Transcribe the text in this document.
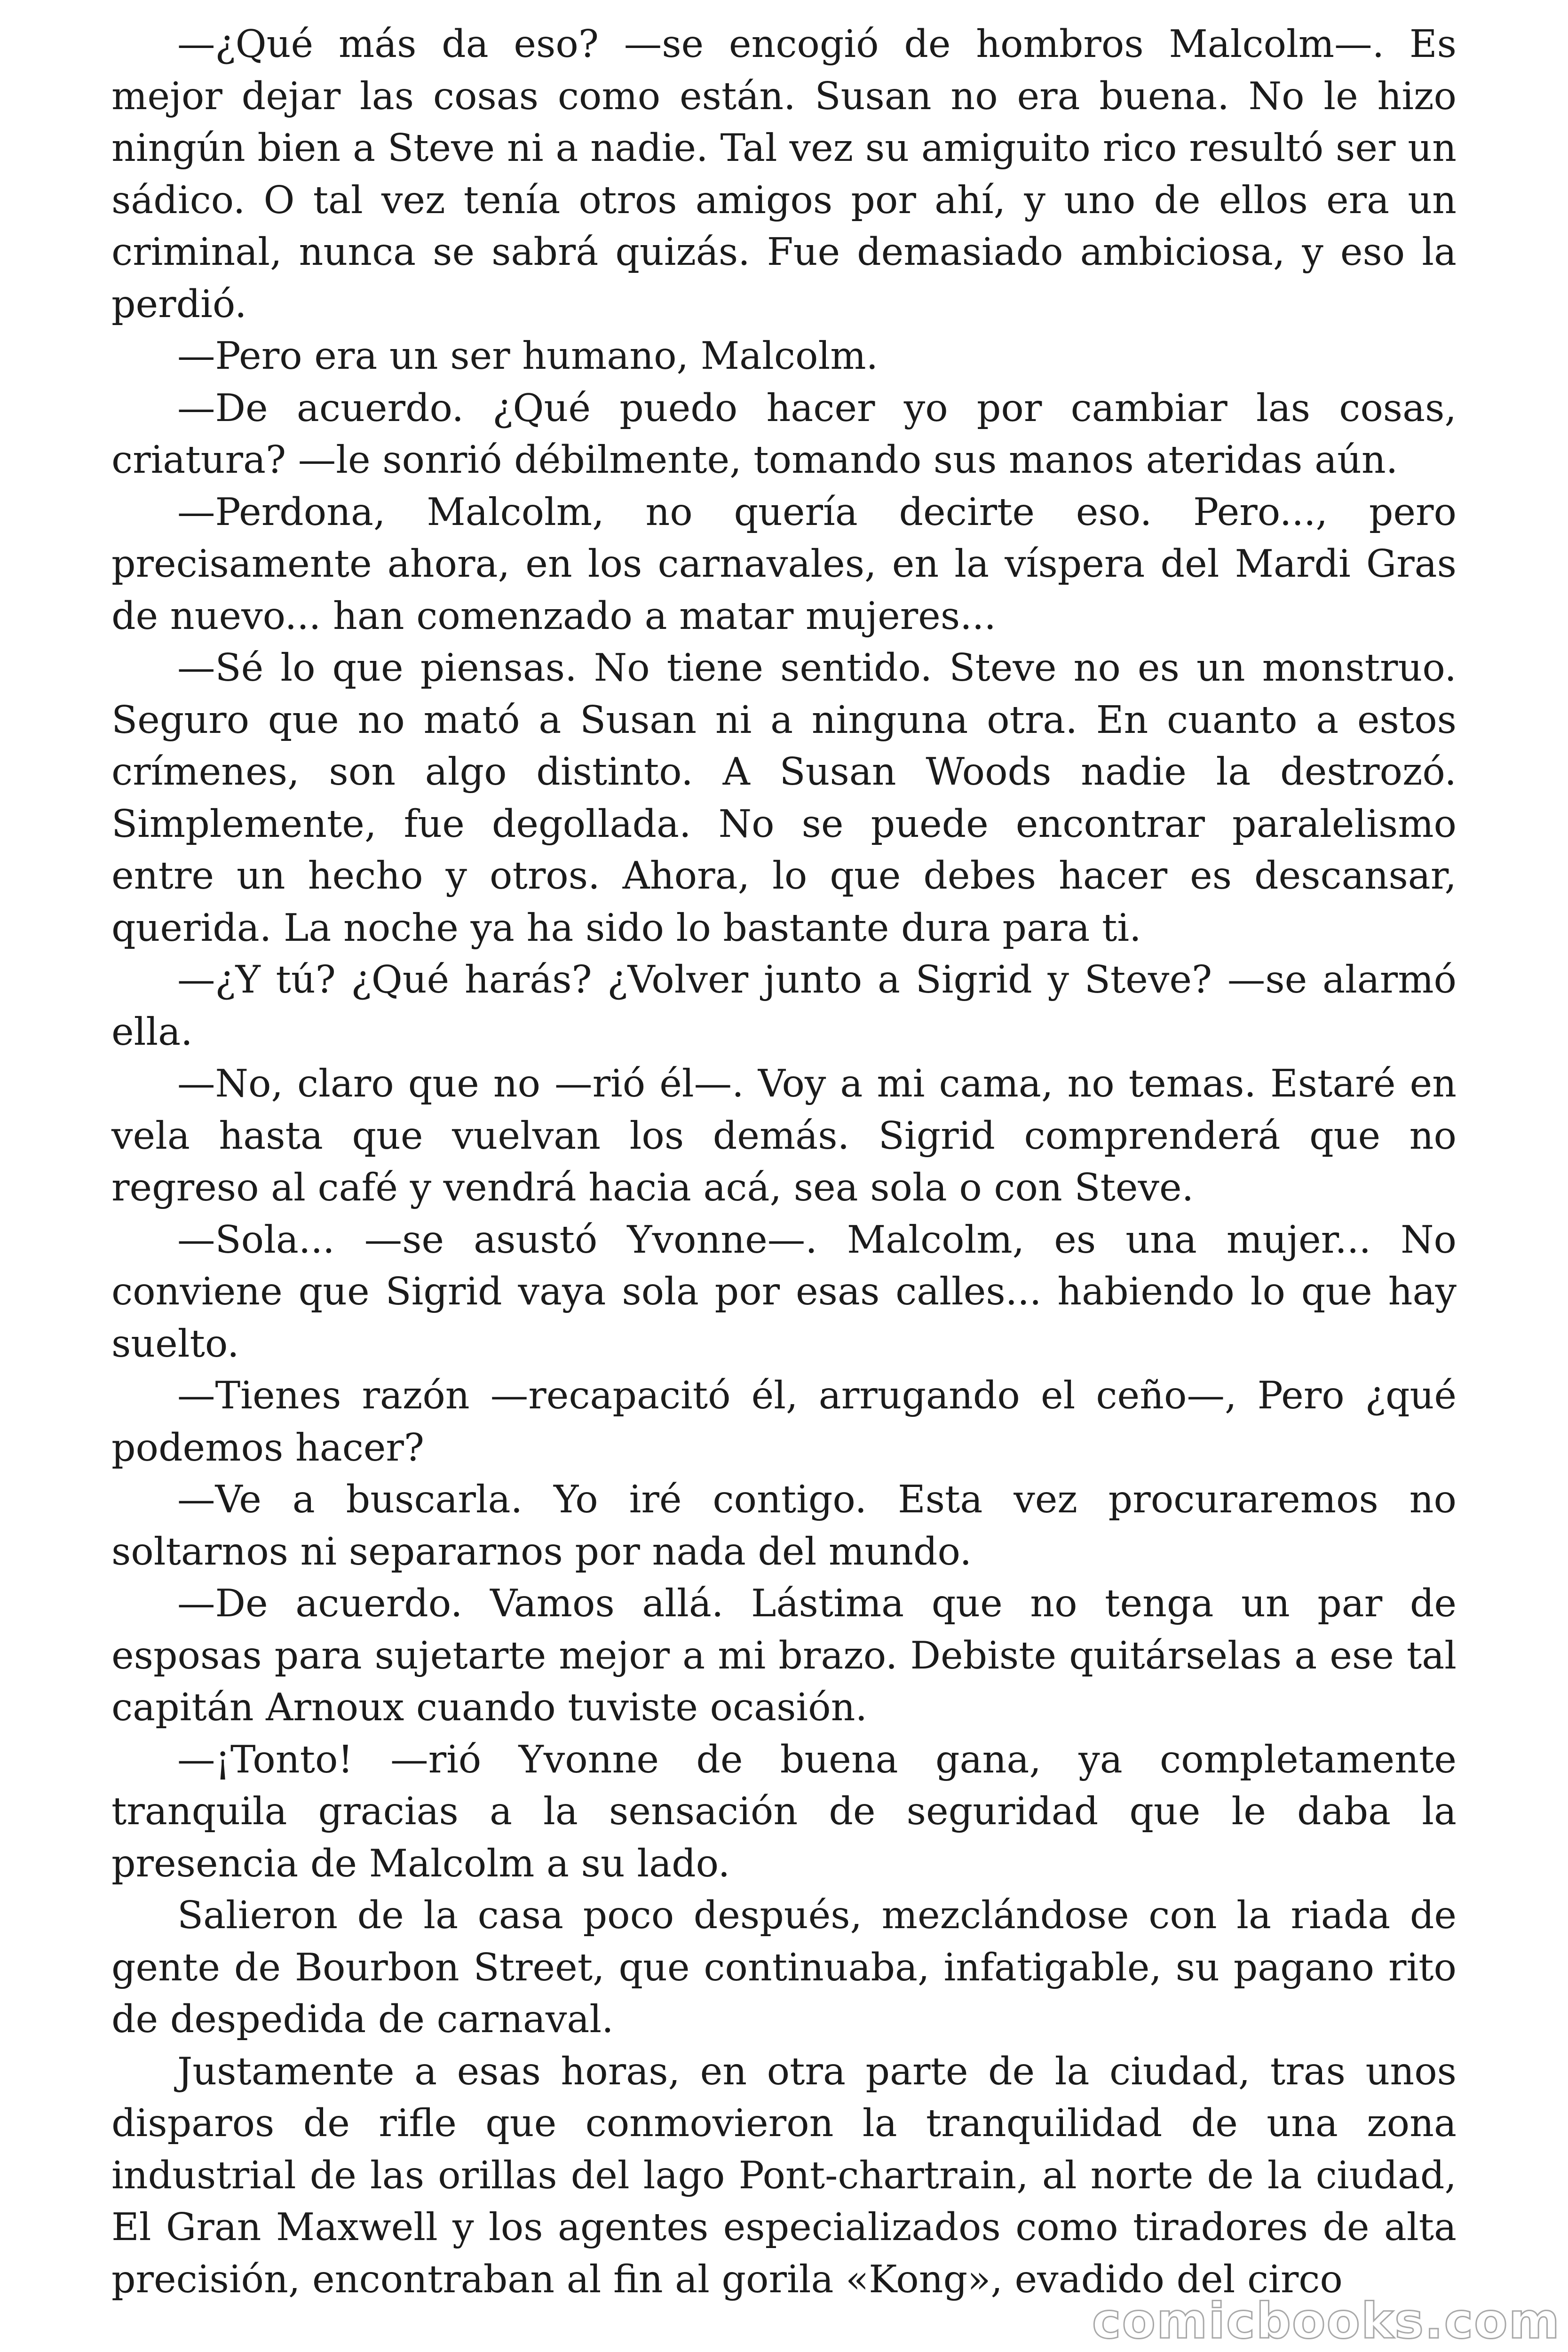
—¿Qué más da eso? —se encogió de hombros Malcolm—. Es mejor dejar las cosas como están. Susan no era buena. No le hizo ningún bien a Steve ni a nadie. Tal vez su amiguito rico resultó ser un sádico. O tal vez tenía otros amigos por ahí, y uno de ellos era un criminal, nunca se sabrá quizás. Fue demasiado ambiciosa, y eso la perdió.

—Pero era un ser humano, Malcolm.

—De acuerdo. ¿Qué puedo hacer yo por cambiar las cosas, criatura? —le sonrió débilmente, tomando sus manos ateridas aún.

—Perdona, Malcolm, no quería decirte eso. Pero..., pero precisamente ahora, en los carnavales, en la víspera del Mardi Gras de nuevo... han comenzado a matar mujeres...

—Sé lo que piensas. No tiene sentido. Steve no es un monstruo. Seguro que no mató a Susan ni a ninguna otra. En cuanto a estos crímenes, son algo distinto. A Susan Woods nadie la destrozó. Simplemente, fue degollada. No se puede encontrar paralelismo entre un hecho y otros. Ahora, lo que debes hacer es descansar, querida. La noche ya ha sido lo bastante dura para ti.

—¿Y tú? ¿Qué harás? ¿Volver junto a Sigrid y Steve? —se alarmó ella.

—No, claro que no —rió él—. Voy a mi cama, no temas. Estaré en vela hasta que vuelvan los demás. Sigrid comprenderá que no regreso al café y vendrá hacia acá, sea sola o con Steve.

—Sola... —se asustó Yvonne—. Malcolm, es una mujer... No conviene que Sigrid vaya sola por esas calles... habiendo lo que hay suelto.

—Tienes razón —recapacitó él, arrugando el ceño—, Pero ¿qué podemos hacer?

—Ve a buscarla. Yo iré contigo. Esta vez procuraremos no soltarnos ni separarnos por nada del mundo.

—De acuerdo. Vamos allá. Lástima que no tenga un par de esposas para sujetarte mejor a mi brazo. Debiste quitárselas a ese tal capitán Arnoux cuando tuviste ocasión.

—¡Tonto! —rió Yvonne de buena gana, ya completamente tranquila gracias a la sensación de seguridad que le daba la presencia de Malcolm a su lado.

Salieron de la casa poco después, mezclándose con la riada de gente de Bourbon Street, que continuaba, infatigable, su pagano rito de despedida de carnaval.

Justamente a esas horas, en otra parte de la ciudad, tras unos disparos de rifle que conmovieron la tranquilidad de una zona industrial de las orillas del lago Pont-chartrain, al norte de la ciudad, El Gran Maxwell y los agentes especializados como tiradores de alta precisión, encontraban al fin al gorila «Kong», evadido del circo

comicbooks.com
